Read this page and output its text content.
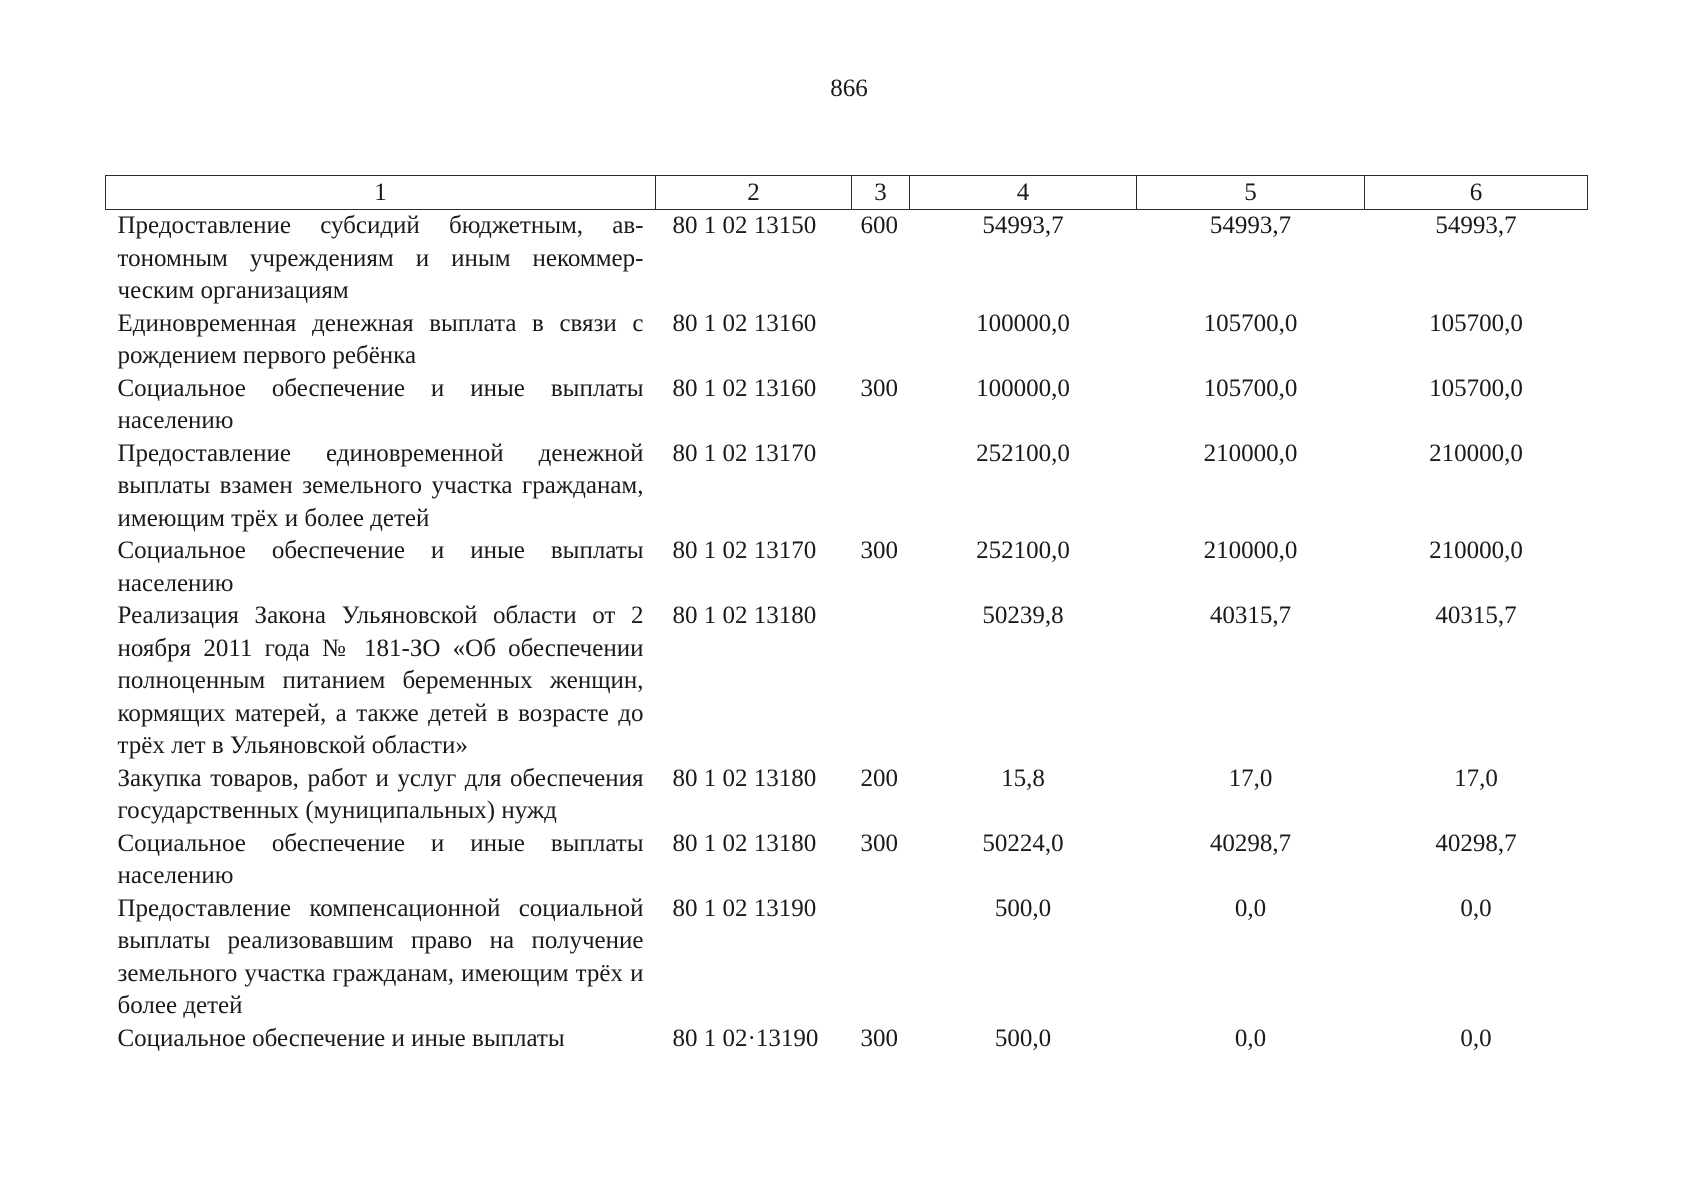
866
1	2	3	4	5	6
Предоставление субсидий бюджетным, автономным учреждениям и иным некоммерческим организациям	80 1 02 13150	600	54993,7	54993,7	54993,7
Единовременная денежная выплата в связи с рождением первого ребёнка	80 1 02 13160		100000,0	105700,0	105700,0
Социальное обеспечение и иные выплаты населению	80 1 02 13160	300	100000,0	105700,0	105700,0
Предоставление единовременной денежной выплаты взамен земельного участка гражданам, имеющим трёх и более детей	80 1 02 13170		252100,0	210000,0	210000,0
Социальное обеспечение и иные выплаты населению	80 1 02 13170	300	252100,0	210000,0	210000,0
Реализация Закона Ульяновской области от 2 ноября 2011 года № 181-ЗО «Об обеспечении полноценным питанием беременных женщин, кормящих матерей, а также детей в возрасте до трёх лет в Ульяновской области»	80 1 02 13180		50239,8	40315,7	40315,7
Закупка товаров, работ и услуг для обеспечения государственных (муниципальных) нужд	80 1 02 13180	200	15,8	17,0	17,0
Социальное обеспечение и иные выплаты населению	80 1 02 13180	300	50224,0	40298,7	40298,7
Предоставление компенсационной социальной выплаты реализовавшим право на получение земельного участка гражданам, имеющим трёх и более детей	80 1 02 13190		500,0	0,0	0,0
Социальное обеспечение и иные выплаты	80 1 02·13190	300	500,0	0,0	0,0
